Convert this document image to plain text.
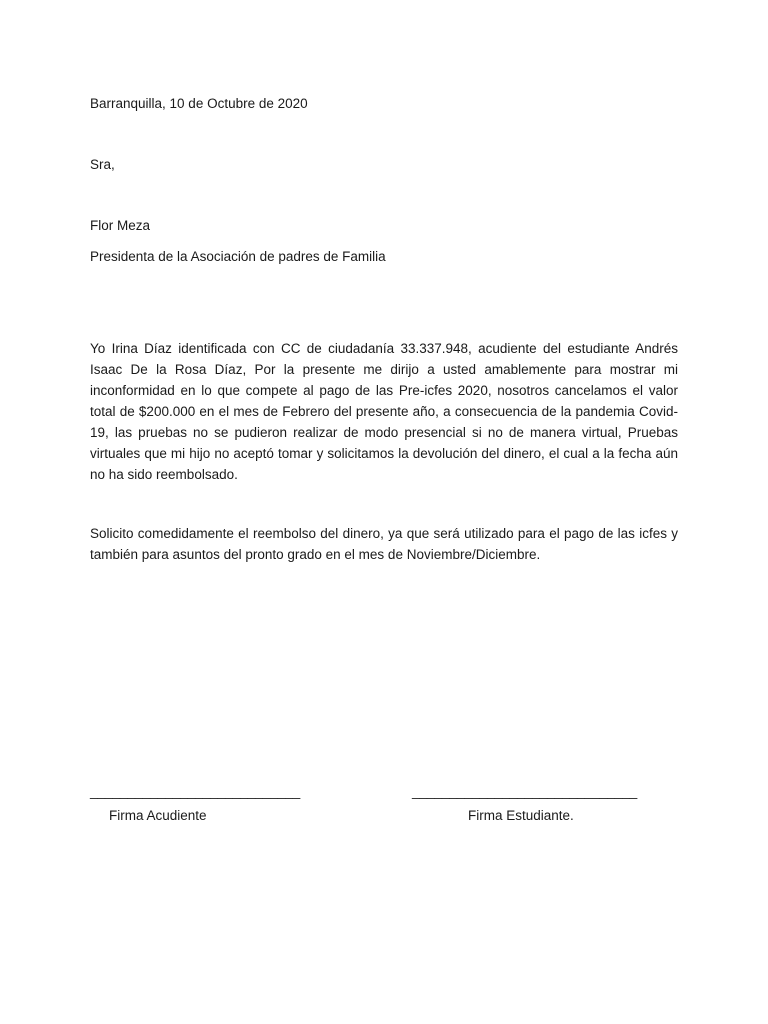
Barranquilla, 10 de Octubre de 2020
Sra,
Flor Meza
Presidenta de la Asociación de padres de Familia
Yo Irina Díaz identificada con CC de ciudadanía 33.337.948, acudiente del estudiante Andrés Isaac De la Rosa Díaz, Por la presente me dirijo a usted amablemente para mostrar mi inconformidad en lo que compete al pago de las Pre-icfes 2020, nosotros cancelamos el valor total de $200.000 en el mes de Febrero del presente año, a consecuencia de la pandemia Covid-19, las pruebas no se pudieron realizar de modo presencial si no de manera virtual, Pruebas virtuales que mi hijo no aceptó tomar y solicitamos la devolución del dinero, el cual a la fecha aún no ha sido reembolsado.
Solicito comedidamente el reembolso del dinero, ya que será utilizado para el pago de las icfes y también para asuntos del pronto grado en el mes de Noviembre/Diciembre.
____________________________
Firma Acudiente
______________________________
Firma Estudiante.
